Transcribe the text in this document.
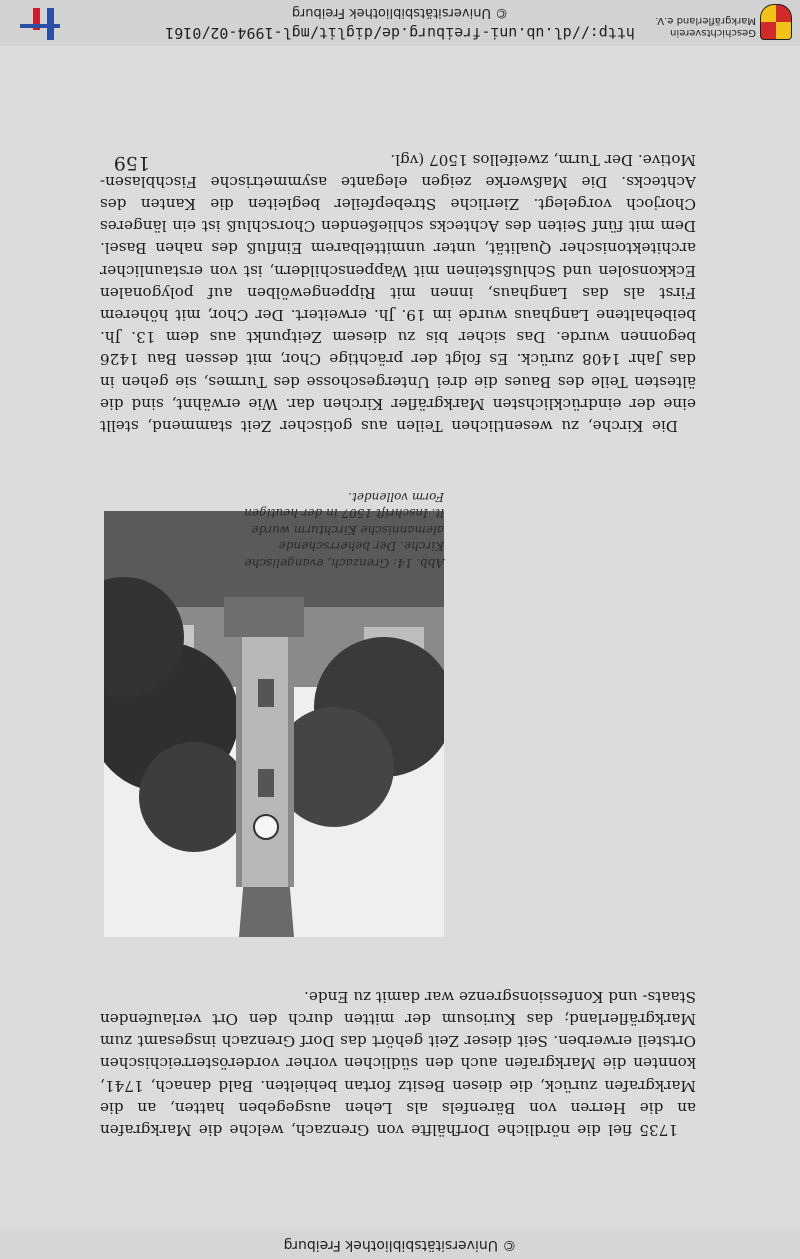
© Universitätsbibliothek Freiburg

1735 fiel die nördliche Dorfhälfte von Grenzach, welche die Markgrafen an die Herren von Bärenfels als Lehen ausgegeben hatten, an die Markgrafen zurück, die diesen Besitz fortan behielten. Bald danach, 1741, konnten die Markgrafen auch den südlichen vorher vorderösterreichischen Ortsteil erwerben. Seit dieser Zeit gehört das Dorf Grenzach insgesamt zum Markgräflerland; das Kuriosum der mitten durch den Ort verlaufenden Staats- und Konfessionsgrenze war damit zu Ende.

Abb. 14: Grenzach, evangelische Kirche. Der beherrschende alemannische Kirchturm wurde lt. Inschrift 1507 in der heutigen Form vollendet.

Die Kirche, zu wesentlichen Teilen aus gotischer Zeit stammend, stellt eine der eindrücklichsten Markgräfler Kirchen dar. Wie erwähnt, sind die ältesten Teile des Baues die drei Untergeschosse des Turmes, sie gehen in das Jahr 1408 zurück. Es folgt der prächtige Chor, mit dessen Bau 1426 begonnen wurde. Das sicher bis zu diesem Zeitpunkt aus dem 13. Jh. beibehaltene Langhaus wurde im 19. Jh. erweitert. Der Chor, mit höherem First als das Langhaus, innen mit Rippengewölben auf polygonalen Eckkonsolen und Schlußsteinen mit Wappenschildern, ist von erstaunlicher architektonischer Qualität, unter unmittelbarem Einfluß des nahen Basel. Dem mit fünf Seiten des Achtecks schließenden Chorschluß ist ein längeres Chorjoch vorgelegt. Zierliche Strebepfeiler begleiten die Kanten des Achtecks. Die Maßwerke zeigen elegante asymmetrische Fischblasen-Motive. Der Turm, zweifellos 1507 (vgl.

159
Geschichtsverein
Markgräflerland e.V.
http://dl.ub.uni-freiburg.de/diglit/mgl-1994-02/0161
© Universitätsbibliothek Freiburg
